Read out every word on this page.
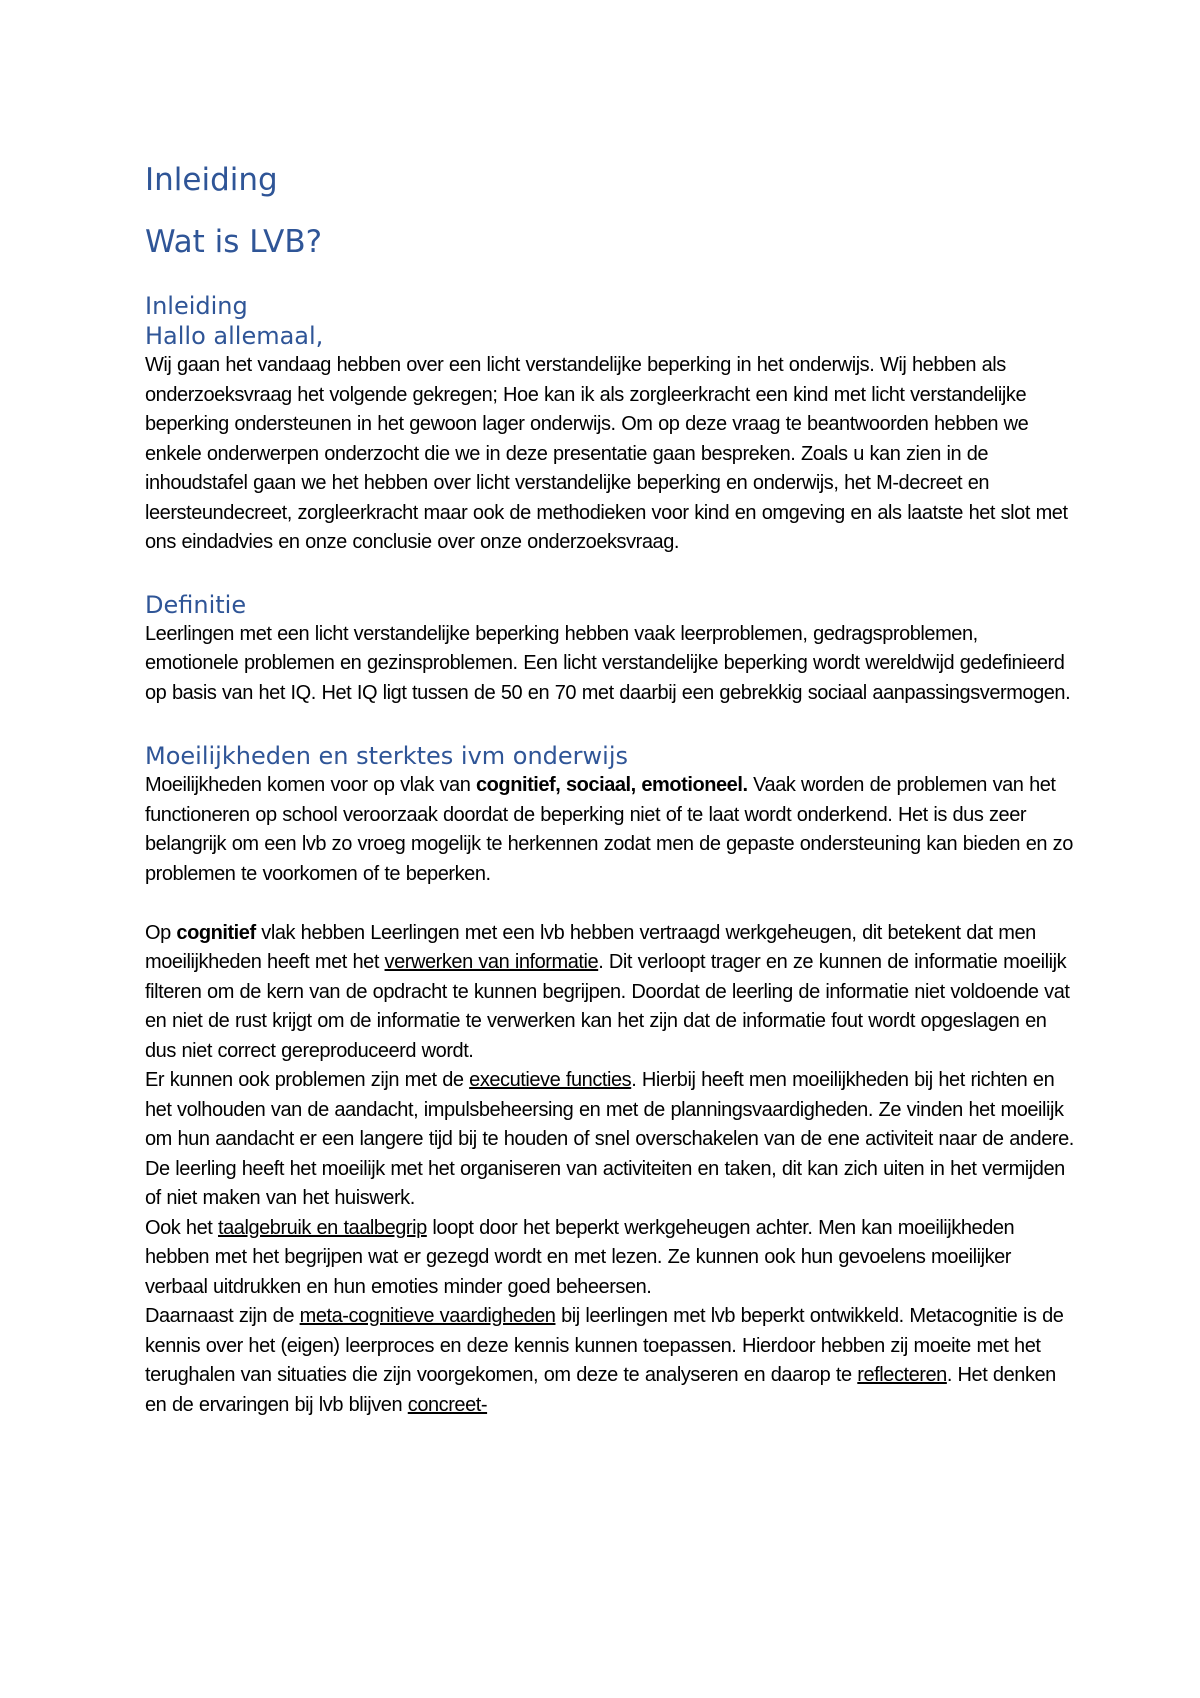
Inleiding
Wat is LVB?
Inleiding
Hallo allemaal,

Wij gaan het vandaag hebben over een licht verstandelijke beperking in het onderwijs. Wij hebben als onderzoeksvraag het volgende gekregen; Hoe kan ik als zorgleerkracht een kind met licht verstandelijke beperking ondersteunen in het gewoon lager onderwijs. Om op deze vraag te beantwoorden hebben we enkele onderwerpen onderzocht die we in deze presentatie gaan bespreken. Zoals u kan zien in de inhoudstafel gaan we het hebben over licht verstandelijke beperking en onderwijs, het M-decreet en leersteundecreet, zorgleerkracht maar ook de methodieken voor kind en omgeving en als laatste het slot met ons eindadvies en onze conclusie over onze onderzoeksvraag.

Definitie

Leerlingen met een licht verstandelijke beperking hebben vaak leerproblemen, gedragsproblemen, emotionele problemen en gezinsproblemen. Een licht verstandelijke beperking wordt wereldwijd gedefinieerd op basis van het IQ. Het IQ ligt tussen de 50 en 70 met daarbij een gebrekkig sociaal aanpassingsvermogen.

Moeilijkheden en sterktes ivm onderwijs

Moeilijkheden komen voor op vlak van cognitief, sociaal, emotioneel. Vaak worden de problemen van het functioneren op school veroorzaak doordat de beperking niet of te laat wordt onderkend. Het is dus zeer belangrijk om een lvb zo vroeg mogelijk te herkennen zodat men de gepaste ondersteuning kan bieden en zo problemen te voorkomen of te beperken.

Op cognitief vlak hebben Leerlingen met een lvb hebben vertraagd werkgeheugen, dit betekent dat men moeilijkheden heeft met het verwerken van informatie. Dit verloopt trager en ze kunnen de informatie moeilijk filteren om de kern van de opdracht te kunnen begrijpen. Doordat de leerling de informatie niet voldoende vat en niet de rust krijgt om de informatie te verwerken kan het zijn dat de informatie fout wordt opgeslagen en dus niet correct gereproduceerd wordt.

Er kunnen ook problemen zijn met de executieve functies. Hierbij heeft men moeilijkheden bij het richten en het volhouden van de aandacht, impulsbeheersing en met de planningsvaardigheden. Ze vinden het moeilijk om hun aandacht er een langere tijd bij te houden of snel overschakelen van de ene activiteit naar de andere. De leerling heeft het moeilijk met het organiseren van activiteiten en taken, dit kan zich uiten in het vermijden of niet maken van het huiswerk.

Ook het taalgebruik en taalbegrip loopt door het beperkt werkgeheugen achter. Men kan moeilijkheden hebben met het begrijpen wat er gezegd wordt en met lezen. Ze kunnen ook hun gevoelens moeilijker verbaal uitdrukken en hun emoties minder goed beheersen.

Daarnaast zijn de meta-cognitieve vaardigheden bij leerlingen met lvb beperkt ontwikkeld. Metacognitie is de kennis over het (eigen) leerproces en deze kennis kunnen toepassen. Hierdoor hebben zij moeite met het terughalen van situaties die zijn voorgekomen, om deze te analyseren en daarop te reflecteren. Het denken en de ervaringen bij lvb blijven concreet-
